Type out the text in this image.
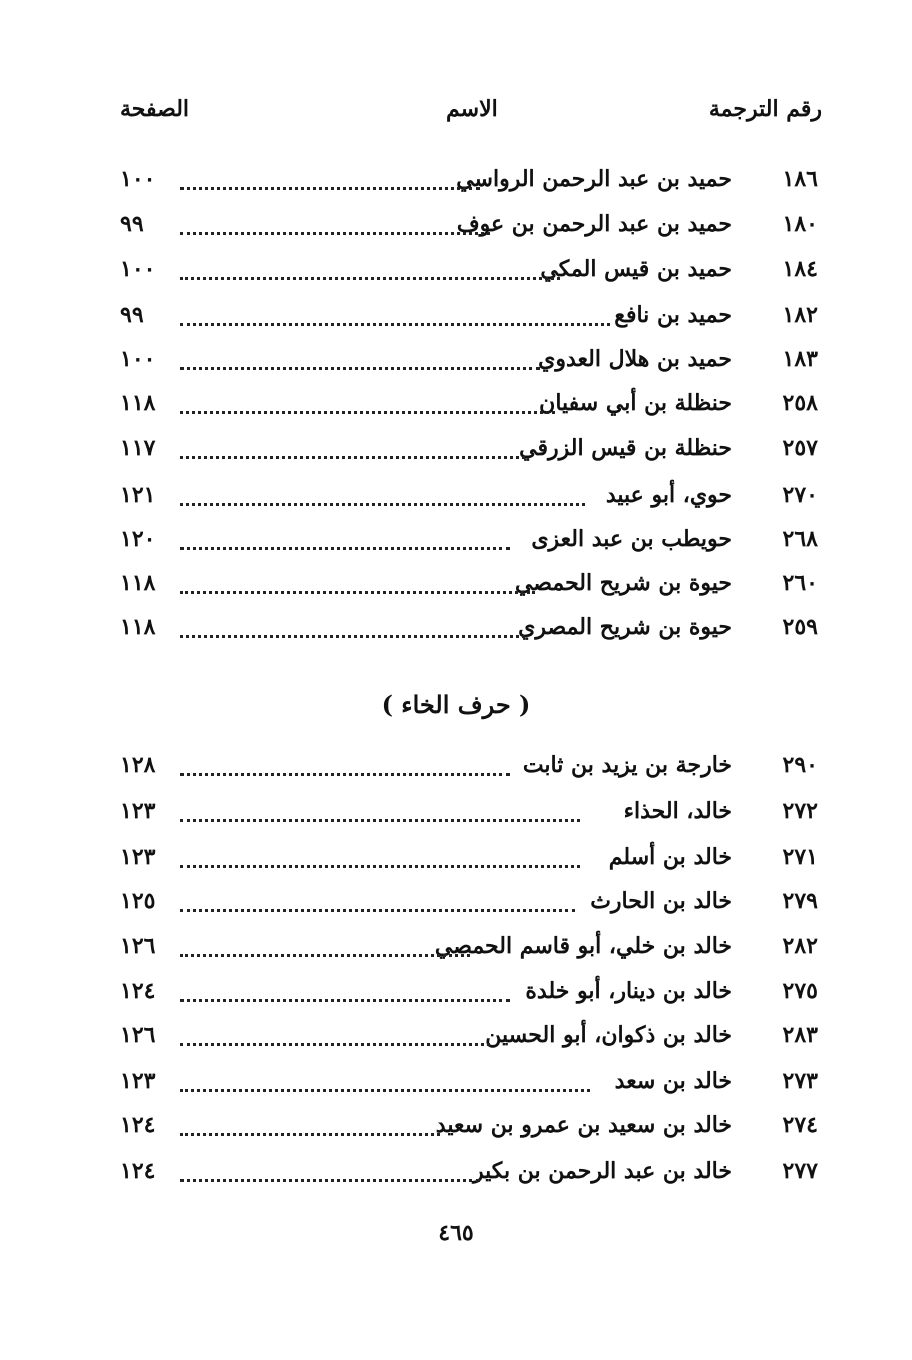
رقم الترجمة
الاسم
الصفحة
١٨٦
حميد بن عبد الرحمن الرواسي
١٠٠
١٨٠
حميد بن عبد الرحمن بن عوف
٩٩
١٨٤
حميد بن قيس المكي
١٠٠
١٨٢
حميد بن نافع
٩٩
١٨٣
حميد بن هلال العدوي
١٠٠
٢٥٨
حنظلة بن أبي سفيان
١١٨
٢٥٧
حنظلة بن قيس الزرقي
١١٧
٢٧٠
حوي، أبو عبيد
١٢١
٢٦٨
حويطب بن عبد العزى
١٢٠
٢٦٠
حيوة بن شريح الحمصي
١١٨
٢٥٩
حيوة بن شريح المصري
١١٨
( حرف الخاء )
٢٩٠
خارجة بن يزيد بن ثابت
١٢٨
٢٧٢
خالد، الحذاء
١٢٣
٢٧١
خالد بن أسلم
١٢٣
٢٧٩
خالد بن الحارث
١٢٥
٢٨٢
خالد بن خلي، أبو قاسم الحمصي
١٢٦
٢٧٥
خالد بن دينار، أبو خلدة
١٢٤
٢٨٣
خالد بن ذكوان، أبو الحسين
١٢٦
٢٧٣
خالد بن سعد
١٢٣
٢٧٤
خالد بن سعيد بن عمرو بن سعيد
١٢٤
٢٧٧
خالد بن عبد الرحمن بن بكير
١٢٤
٤٦٥
